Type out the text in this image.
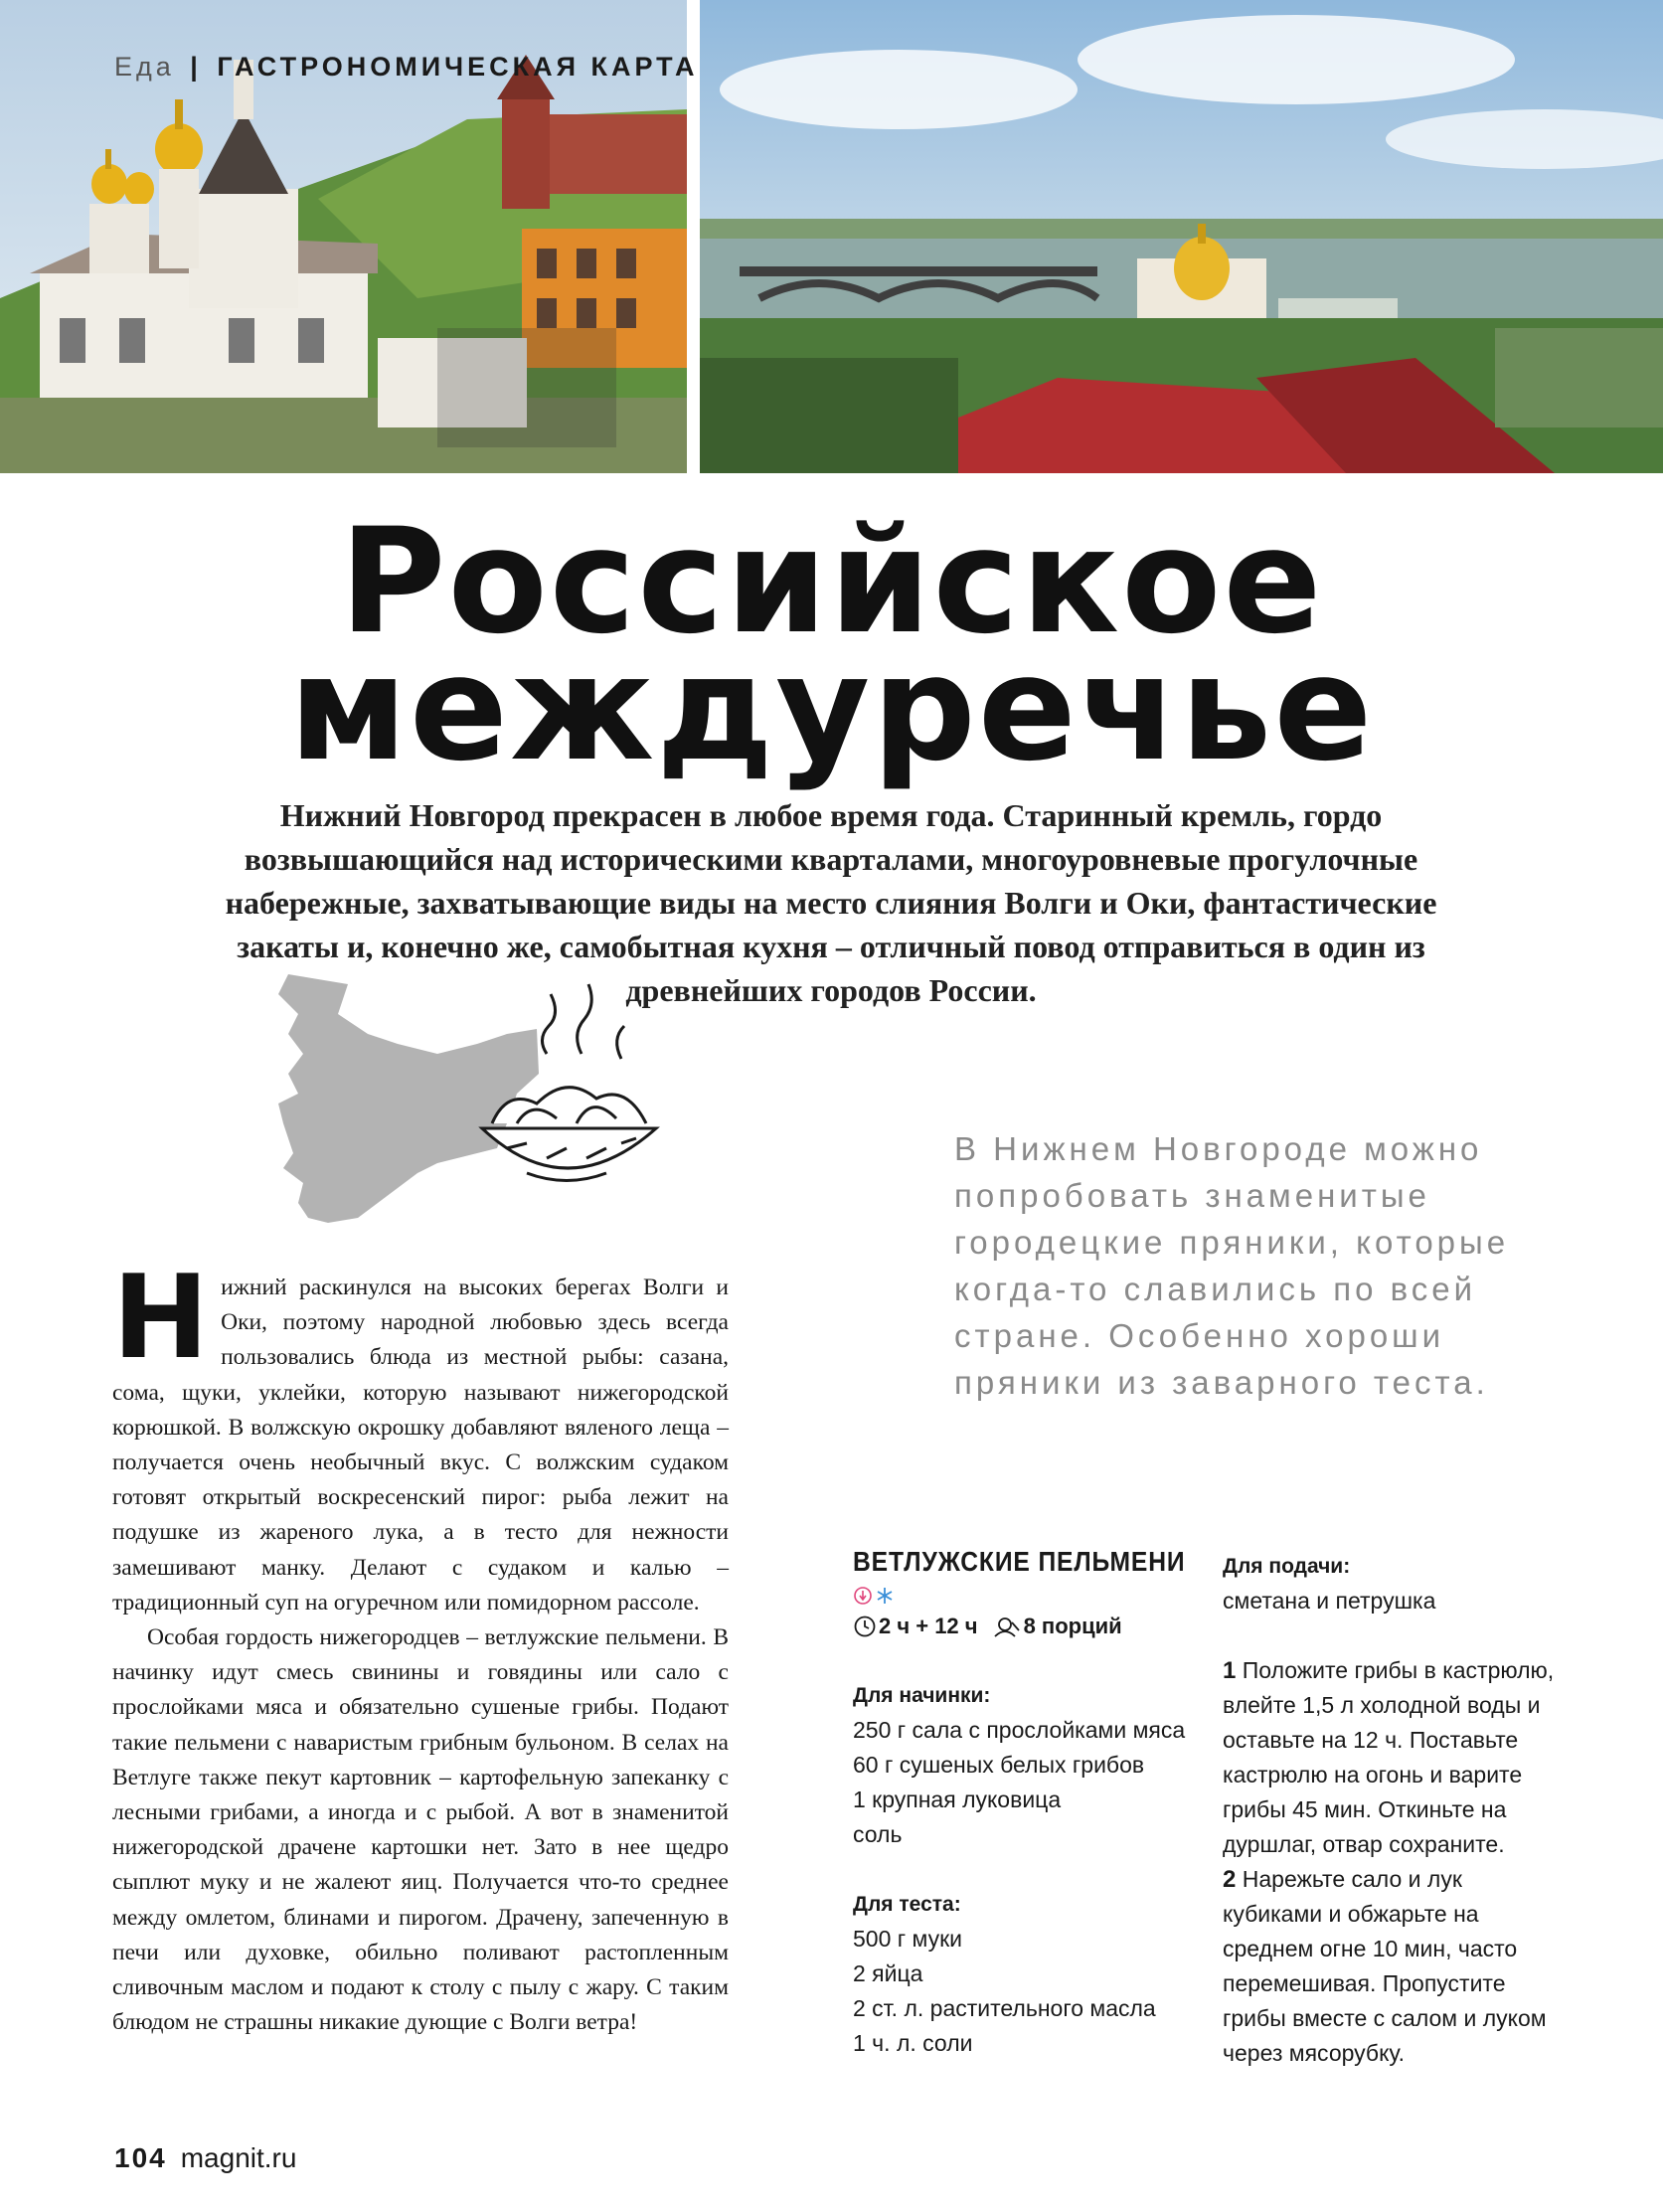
Еда | ГАСТРОНОМИЧЕСКАЯ КАРТА
Российское
междуречье
Нижний Новгород прекрасен в любое время года. Старинный кремль, гордо возвышающийся над историческими кварталами, многоуровневые прогулочные набережные, захватывающие виды на место слияния Волги и Оки, фантастические закаты и, конечно же, самобытная кухня – отличный повод отправиться в один из древнейших городов России.
В Нижнем Новгороде можно попробовать знаменитые городецкие пряники, которые когда-то славились по всей стране. Особенно хороши пряники из заварного теста.

Нижний раскинулся на высоких берегах Волги и Оки, поэтому народной любовью здесь всегда пользовались блюда из местной рыбы: сазана, сома, щуки, уклейки, которую называют нижегородской корюшкой. В волжскую окрошку добавляют вяленого леща – получается очень необычный вкус. С волжским судаком готовят открытый воскресенский пирог: рыба лежит на подушке из жареного лука, а в тесто для нежности замешивают манку. Делают с судаком и калью – традиционный суп на огуречном или помидорном рассоле.

Особая гордость нижегородцев – ветлужские пельмени. В начинку идут смесь свинины и говядины или сало с прослойками мяса и обязательно сушеные грибы. Подают такие пельмени с наваристым грибным бульоном. В селах на Ветлуге также пекут картовник – картофельную запеканку с лесными грибами, а иногда и с рыбой. А вот в знаменитой нижегородской драчене картошки нет. Зато в нее щедро сыплют муку и не жалеют яиц. Получается что-то среднее между омлетом, блинами и пирогом. Драчену, запеченную в печи или духовке, обильно поливают растопленным сливочным маслом и подают к столу с пылу с жару. С таким блюдом не страшны никакие дующие с Волги ветра!

ВЕТЛУЖСКИЕ ПЕЛЬМЕНИ
2 ч + 12 ч 8 порций
Для начинки:
250 г сала с прослойками мяса
60 г сушеных белых грибов
1 крупная луковица
соль
Для теста:
500 г муки
2 яйца
2 ст. л. растительного масла
1 ч. л. соли
Для подачи:
сметана и петрушка

1 Положите грибы в кастрюлю, влейте 1,5 л холодной воды и оставьте на 12 ч. Поставьте кастрюлю на огонь и варите грибы 45 мин. Откиньте на дуршлаг, отвар сохраните.

2 Нарежьте сало и лук кубиками и обжарьте на среднем огне 10 мин, часто перемешивая. Пропустите грибы вместе с салом и луком через мясорубку.

104 magnit.ru
